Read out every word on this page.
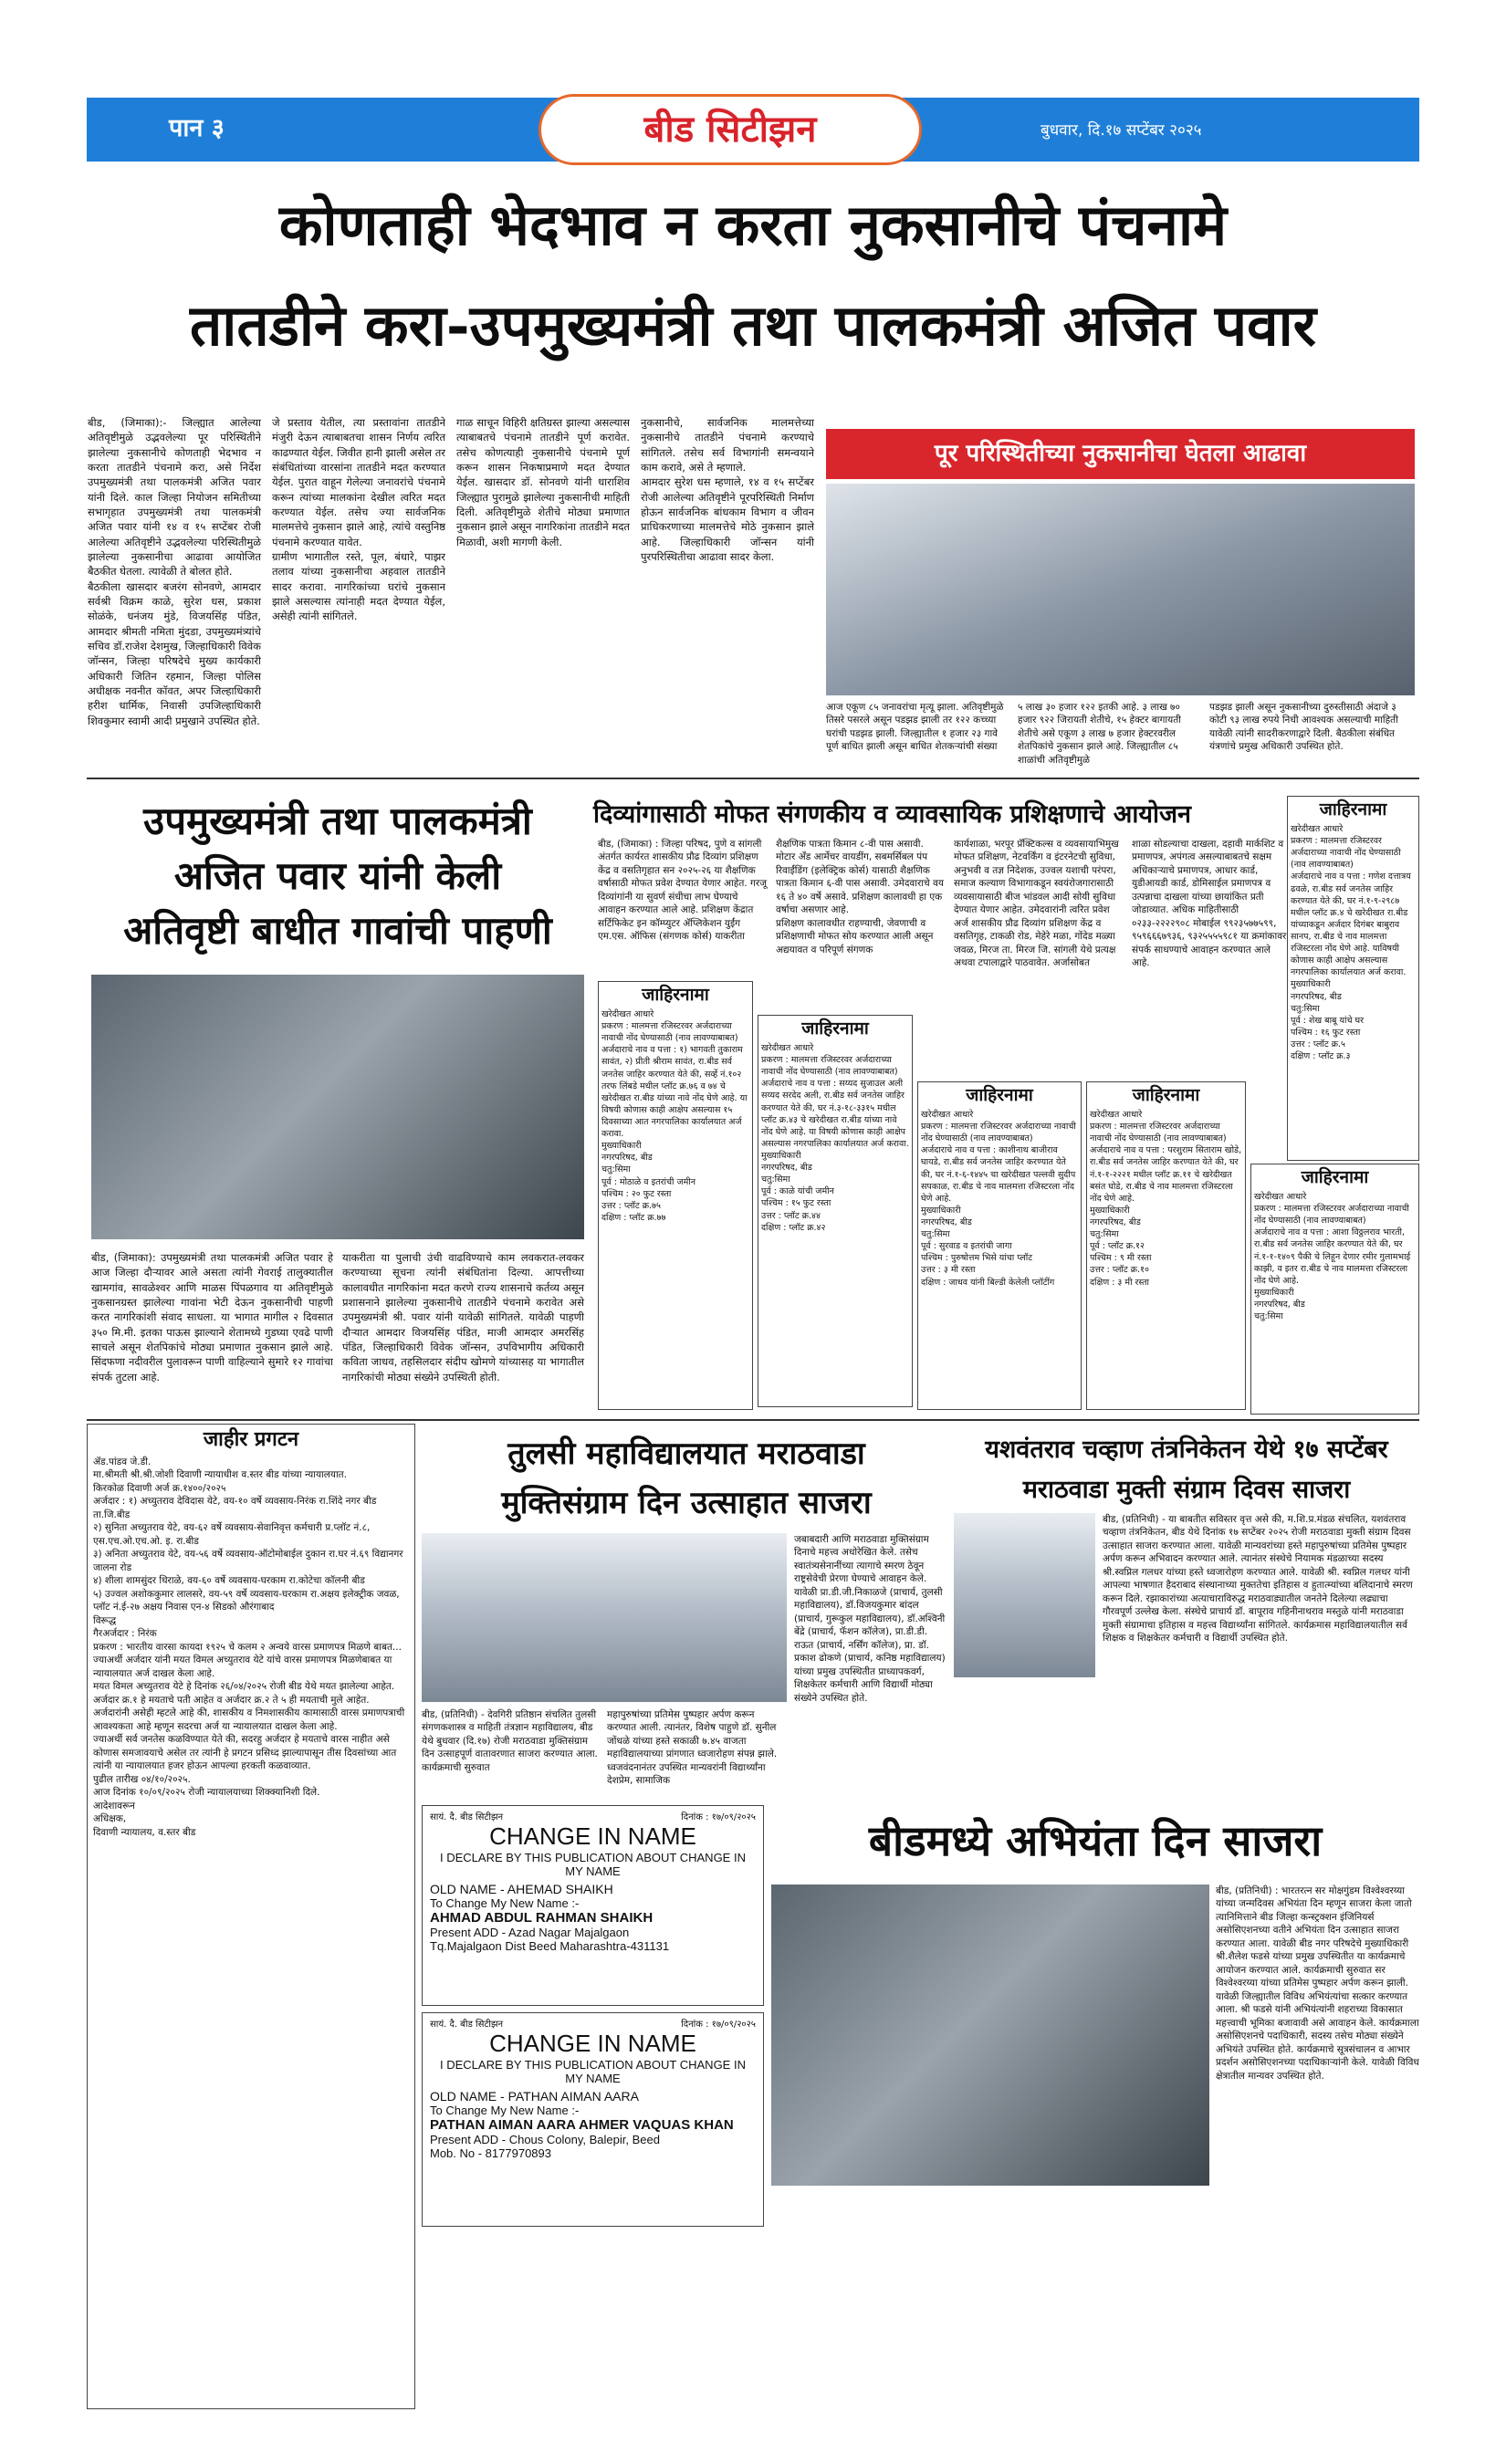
पान ३	बीड सिटीझन	बुधवार, दि.१७ सप्टेंबर २०२५
कोणताही भेदभाव न करता नुकसानीचे पंचनामे
तातडीने करा-उपमुख्यमंत्री तथा पालकमंत्री अजित पवार
बीड, (जिमाका):- जिल्ह्यात आलेल्या अतिवृष्टीमुळे उद्भवलेल्या पूर परिस्थितीने झालेल्या नुकसानीचे कोणताही भेदभाव न करता तातडीने पंचनामे करा, असे निर्देश उपमुख्यमंत्री तथा पालकमंत्री अजित पवार यांनी दिले. काल जिल्हा नियोजन समितीच्या सभागृहात उपमुख्यमंत्री तथा पालकमंत्री अजित पवार यांनी १४ व १५ सप्टेंबर रोजी आलेल्या अतिवृष्टीने उद्भवलेल्या परिस्थितीमुळे झालेल्या नुकसानीचा आढावा आयोजित बैठकीत घेतला. त्यावेळी ते बोलत होते.
बैठकीला खासदार बजरंग सोनवणे, आमदार सर्वश्री विक्रम काळे, सुरेश धस, प्रकाश सोळंके, धनंजय मुंडे, विजयसिंह पंडित, आमदार श्रीमती नमिता मुंदडा, उपमुख्यमंत्र्यांचे सचिव डॉ.राजेश देशमुख, जिल्हाधिकारी विवेक जॉन्सन, जिल्हा परिषदेचे मुख्य कार्यकारी अधिकारी जितिन रहमान, जिल्हा पोलिस अधीक्षक नवनीत कॉवत, अपर जिल्हाधिकारी हरीश धार्मिक, निवासी उपजिल्हाधिकारी शिवकुमार स्वामी आदी प्रमुखाने उपस्थित होते.
जे प्रस्ताव येतील, त्या प्रस्तावांना तातडीने मंजुरी देऊन त्याबाबतचा शासन निर्णय त्वरित काढण्यात येईल. जिवीत हानी झाली असेल तर संबंधितांच्या वारसांना तातडीने मदत करण्यात येईल. पुरात वाहून गेलेल्या जनावरांचे पंचनामे करून त्यांच्या मालकांना देखील त्वरित मदत करण्यात येईल. तसेच ज्या सार्वजनिक मालमत्तेचे नुकसान झाले आहे, त्यांचे वस्तुनिष्ठ पंचनामे करण्यात यावेत.
ग्रामीण भागातील रस्ते, पूल, बंधारे, पाझर तलाव यांच्या नुकसानीचा अहवाल तातडीने सादर करावा. नागरिकांच्या घरांचे नुकसान झाले असल्यास त्यांनाही मदत देण्यात येईल, असेही त्यांनी सांगितले.
गाळ साचून विहिरी क्षतिग्रस्त झाल्या असल्यास त्याबाबतचे पंचनामे तातडीने पूर्ण करावेत. तसेच कोणत्याही नुकसानीचे पंचनामे पूर्ण करून शासन निकषाप्रमाणे मदत देण्यात येईल. खासदार डॉ. सोनवणे यांनी धाराशिव जिल्ह्यात पुरामुळे झालेल्या नुकसानीची माहिती दिली. अतिवृष्टीमुळे शेतीचे मोठ्या प्रमाणात नुकसान झाले असून नागरिकांना तातडीने मदत मिळावी, अशी मागणी केली.
नुकसानीचे, सार्वजनिक मालमत्तेच्या नुकसानीचे तातडीने पंचनामे करण्याचे सांगितले. तसेच सर्व विभागांनी समन्वयाने काम करावे, असे ते म्हणाले.
आमदार सुरेश धस म्हणाले, १४ व १५ सप्टेंबर रोजी आलेल्या अतिवृष्टीने पूरपरिस्थिती निर्माण होऊन सार्वजनिक बांधकाम विभाग व जीवन प्राधिकरणाच्या मालमत्तेचे मोठे नुकसान झाले आहे. जिल्हाधिकारी जॉन्सन यांनी पुरपरिस्थितीचा आढावा सादर केला.
पूर परिस्थितीच्या नुकसानीचा घेतला आढावा
आज एकूण ८५ जनावरांचा मृत्यू झाला. अतिवृष्टीमुळे तिसरे पसरले असून पडझड झाली तर १२२ कच्च्या घरांची पडझड झाली. जिल्ह्यातील १ हजार २३ गावे पूर्ण बाधित झाली असून बाधित शेतकऱ्यांची संख्या
५ लाख ३० हजार १२२ इतकी आहे. ३ लाख ७० हजार ९२२ जिरायती शेतीचे, १५ हेक्टर बागायती शेतीचे असे एकूण ३ लाख ७ हजार हेक्टरवरील शेतपिकांचे नुकसान झाले आहे. जिल्ह्यातील ८५ शाळांची अतिवृष्टीमुळे
पडझड झाली असून नुकसानीच्या दुरुस्तीसाठी अंदाजे ३ कोटी ९३ लाख रुपये निधी आवश्यक असल्याची माहिती यावेळी त्यांनी सादरीकरणाद्वारे दिली. बैठकीला संबंधित यंत्रणांचे प्रमुख अधिकारी उपस्थित होते.
उपमुख्यमंत्री तथा पालकमंत्री
अजित पवार यांनी केली
अतिवृष्टी बाधीत गावांची पाहणी
बीड, (जिमाका): उपमुख्यमंत्री तथा पालकमंत्री अजित पवार हे आज जिल्हा दौऱ्यावर आले असता त्यांनी गेवराई तालुक्यातील खामगांव, सावळेश्वर आणि माळस पिंपळगाव या अतिवृष्टीमुळे नुकसानग्रस्त झालेल्या गावांना भेटी देऊन नुकसानीची पाहणी करत नागरिकांशी संवाद साधला. या भागात मागील २ दिवसात ३५० मि.मी. इतका पाऊस झाल्याने शेतामध्ये गुडघ्या एवढे पाणी साचले असून शेतपिकांचे मोठ्या प्रमाणात नुकसान झाले आहे. सिंदफणा नदीवरील पुलावरून पाणी वाहिल्याने सुमारे १२ गावांचा संपर्क तुटला आहे.
याकरीता या पुलाची उंची वाढविण्याचे काम लवकरात-लवकर करण्याच्या सूचना त्यांनी संबंधितांना दिल्या. आपत्तीच्या कालावधीत नागरिकांना मदत करणे राज्य शासनाचे कर्तव्य असून प्रशासनाने झालेल्या नुकसानीचे तातडीने पंचनामे करावेत असे उपमुख्यमंत्री श्री. पवार यांनी यावेळी सांगितले. यावेळी पाहणी दौऱ्यात आमदार विजयसिंह पंडित, माजी आमदार अमरसिंह पंडित, जिल्हाधिकारी विवेक जॉन्सन, उपविभागीय अधिकारी कविता जाधव, तहसिलदार संदीप खोमणे यांच्यासह या भागातील नागरिकांची मोठ्या संख्येने उपस्थिती होती.
दिव्यांगासाठी मोफत संगणकीय व व्यावसायिक प्रशिक्षणाचे आयोजन
बीड, (जिमाका) : जिल्हा परिषद, पुणे व सांगली अंतर्गत कार्यरत शासकीय प्रौढ दिव्यांग प्रशिक्षण केंद्र व वसतिगृहात सन २०२५-२६ या शैक्षणिक वर्षासाठी मोफत प्रवेश देण्यात येणार आहेत. गरजू दिव्यांगांनी या सुवर्ण संधीचा लाभ घेण्याचे आवाहन करण्यात आले आहे. प्रशिक्षण केंद्रात सर्टिफिकेट इन कॉम्प्युटर ॲप्लिकेशन युईंग एम.एस. ऑफिस (संगणक कोर्स) याकरीता
शैक्षणिक पात्रता किमान ८-वी पास असावी. मोटार अँड आर्मेचर वायडींग, सबमर्सिबल पंप रिवाईंडिंग (इलेक्ट्रिक कोर्स) यासाठी शैक्षणिक पात्रता किमान ६-वी पास असावी. उमेदवाराचे वय १६ ते ४० वर्षे असावे. प्रशिक्षण कालावधी हा एक वर्षाचा असणार आहे.
प्रशिक्षण कालावधीत राहण्याची, जेवणाची व प्रशिक्षणाची मोफत सोय करण्यात आली असून अद्ययावत व परिपूर्ण संगणक
कार्यशाळा, भरपूर प्रॅक्टिकल्स व व्यवसायाभिमुख मोफत प्रशिक्षण, नेटवर्किंग व इंटरनेटची सुविधा, अनुभवी व तज्ञ निदेशक, उज्वल यशाची परंपरा, समाज कल्याण विभागाकडून स्वयंरोजगारासाठी व्यवसायासाठी बीज भांडवल आदी सोयी सुविधा देण्यात येणार आहेत. उमेदवारांनी त्वरित प्रवेश अर्ज शासकीय प्रौढ दिव्यांग प्रशिक्षण केंद्र व वसतिगृह, टाकळी रोड, मेहेरे मळा, गोंदेड मळ्या जवळ, मिरज ता. मिरज जि. सांगली येथे प्रत्यक्ष अथवा टपालाद्वारे पाठवावेत. अर्जासोबत
शाळा सोडल्याचा दाखला, दहावी मार्कशिट व प्रमाणपत्र, अपंगत्व असल्याबाबतचे सक्षम अधिकाऱ्याचे प्रमाणपत्र, आधार कार्ड, युडीआयडी कार्ड, डोमिसाईल प्रमाणपत्र व उत्पन्नाचा दाखला यांच्या छायांकित प्रती जोडाव्यात. अधिक माहितीसाठी ०२३३-२२२२९०८ मोबाईल ९९२३५७७५९९, ९५९६६६७९३६, ९३२५५५५९८१ या क्रमांकावर संपर्क साधण्याचे आवाहन करण्यात आले आहे.
जाहिरनामा
खरेदीखत आधारे
प्रकरण : मालमत्ता रजिस्टरवर अर्जदाराच्या नावाची नोंद घेण्यासाठी (नाव लावण्याबाबत)
अर्जदाराचे नाव व पत्ता : गणेश दत्तात्रय ढवळे, रा.बीड सर्व जनतेस जाहिर करण्यात येते की, घर नं.१-९-२९८७ मधील प्लॉट क्र.४ चे खरेदीखत रा.बीड यांच्याकडून अर्जदार दिगंबर बाबुराव सानप, रा.बीड चे नाव मालमत्ता रजिस्टरला नोंद घेणे आहे. याविषयी कोणास काही आक्षेप असल्यास नगरपालिका कार्यालयात अर्ज करावा.
मुख्याधिकारी
नगरपरिषद, बीड
चतु:सिमा
पूर्व : शेख बाबू यांचे घर
पश्चिम : १६ फुट रस्ता
उत्तर : प्लॉट क्र.५
दक्षिण : प्लॉट क्र.३
जाहिरनामा
खरेदीखत आधारे
प्रकरण : मालमत्ता रजिस्टरवर अर्जदाराच्या नावाची नोंद घेण्यासाठी (नाव लावण्याबाबत)
अर्जदाराचे नाव व पत्ता : १) भागवती तुकाराम सावंत, २) प्रीती श्रीराम सावंत, रा.बीड सर्व जनतेस जाहिर करण्यात येते की, सर्व्हे नं.१०२ तरफ लिंबडे मधील प्लॉट क्र.७६ व ७४ चे खरेदीखत रा.बीड यांच्या नावे नोंद घेणे आहे. या विषयी कोणास काही आक्षेप असल्यास १५ दिवसाच्या आत नगरपालिका कार्यालयात अर्ज करावा.
मुख्याधिकारी
नगरपरिषद, बीड
चतु:सिमा
पूर्व : मोठाळे व इतरांची जमीन
पश्चिम : २० फुट रस्ता
उत्तर : प्लॉट क्र.७५
दक्षिण : प्लॉट क्र.७७
जाहिरनामा
खरेदीखत आधारे
प्रकरण : मालमत्ता रजिस्टरवर अर्जदाराच्या नावाची नोंद घेण्यासाठी (नाव लावण्याबाबत)
अर्जदाराचे नाव व पत्ता : सय्यद सुजाउल अली सय्यद सरदेद अली, रा.बीड सर्व जनतेस जाहिर करण्यात येते की, घर नं.३-१८-३३१५ मधील प्लॉट क्र.४३ चे खरेदीखत रा.बीड यांच्या नावे नोंद घेणे आहे. या विषयी कोणास काही आक्षेप असल्यास नगरपालिका कार्यालयात अर्ज करावा.
मुख्याधिकारी
नगरपरिषद, बीड
चतु:सिमा
पूर्व : काळे यांची जमीन
पश्चिम : १५ फुट रस्ता
उत्तर : प्लॉट क्र.४४
दक्षिण : प्लॉट क्र.४२
जाहिरनामा
खरेदीखत आधारे
प्रकरण : मालमत्ता रजिस्टरवर अर्जदाराच्या नावाची नोंद घेण्यासाठी (नाव लावण्याबाबत)
अर्जदाराचे नाव व पत्ता : काशीनाथ बाजीराव घायडे, रा.बीड सर्व जनतेस जाहिर करण्यात येते की, घर नं.१-६-१४४५ चा खरेदीखत पल्लवी सुदीप सपकाळ, रा.बीड चे नाव मालमत्ता रजिस्टरला नोंद घेणे आहे.
मुख्याधिकारी
नगरपरिषद, बीड
चतु:सिमा
पूर्व : सुरवाड व इतरांची जागा
पश्चिम : पुरुषोत्तम भिसे यांचा प्लॉट
उत्तर : ३ मी रस्ता
दक्षिण : जाधव यांनी बिल्डी केलेली प्लॉटींग
जाहिरनामा
खरेदीखत आधारे
प्रकरण : मालमत्ता रजिस्टरवर अर्जदाराच्या नावाची नोंद घेण्यासाठी (नाव लावण्याबाबत)
अर्जदाराचे नाव व पत्ता : परशुराम सिताराम खोडे, रा.बीड सर्व जनतेस जाहिर करण्यात येते की, घर नं.१-१-२२२१ मधील प्लॉट क्र.११ चे खरेदीखत बसंत घोडे, रा.बीड चे नाव मालमत्ता रजिस्टरला नोंद घेणे आहे.
मुख्याधिकारी
नगरपरिषद, बीड
चतु:सिमा
पूर्व : प्लॉट क्र.१२
पश्चिम : ९ मी रस्ता
उत्तर : प्लॉट क्र.१०
दक्षिण : ३ मी रस्ता
जाहिरनामा
खरेदीखत आधारे
प्रकरण : मालमत्ता रजिस्टरवर अर्जदाराच्या नावाची नोंद घेण्यासाठी (नाव लावण्याबाबत)
अर्जदाराचे नाव व पत्ता : आशा विठ्ठलराव भारती, रा.बीड सर्व जनतेस जाहिर करण्यात येते की, घर नं.१-१-१४०९ पैकी चे लिहून देणार रमीर गुलामभाई काझी, व इतर रा.बीड चे नाव मालमत्ता रजिस्टरला नोंद घेणे आहे.
मुख्याधिकारी
नगरपरिषद, बीड
चतु:सिमा
जाहीर प्रगटन
ॲड.पांडव जे.डी.
मा.श्रीमती श्री.श्री.जोशी दिवाणी न्यायाधीश व.स्तर बीड यांच्या न्यायालयात.
किरकोळ दिवाणी अर्ज क्र.१४००/२०२५
अर्जदार : १) अच्युतराव देविदास येटे, वय-१० वर्षे व्यवसाय-निरंक रा.शिंदे नगर बीड ता.जि.बीड
२) सुनिता अच्युतराव येटे, वय-६२ वर्षे व्यवसाय-सेवानिवृत्त कर्मचारी प्र.प्लॉट नं.८, एस.एच.ओ.एच.ओ. इ. रा.बीड
३) अनिता अच्युतराव येटे, वय-५६ वर्षे व्यवसाय-ऑटोमोबाईल दुकान रा.घर नं.६९ विद्यानगर जालना रोड
४) शीला शामसुंदर धिराळे, वय-६० वर्षे व्यवसाय-घरकाम रा.कोटेचा कॉलनी बीड
५) उज्वल अशोककुमार लालसरे, वय-५९ वर्षे व्यवसाय-घरकाम रा.अक्षय इलेक्ट्रीक जवळ, प्लॉट नं.ई-२७ अक्षय निवास एन-४ सिडको औरंगाबाद
विरूद्ध
गैरअर्जदार : निरंक
प्रकरण : भारतीय वारसा कायदा १९२५ चे कलम २ अन्वये वारस प्रमाणपत्र मिळणे बाबत...
ज्याअर्थी अर्जदार यांनी मयत विमल अच्युतराव येटे यांचे वारस प्रमाणपत्र मिळणेबाबत या न्यायालयात अर्ज दाखल केला आहे.
मयत विमल अच्युतराव येटे हे दिनांक २६/०४/२०२५ रोजी बीड येथे मयत झालेल्या आहेत. अर्जदार क्र.१ हे मयताचे पती आहेत व अर्जदार क्र.२ ते ५ ही मयताची मुले आहेत.
अर्जदारांनी असेही म्हटले आहे की, शासकीय व निमशासकीय कामासाठी वारस प्रमाणपत्राची आवश्यकता आहे म्हणून सदरचा अर्ज या न्यायालयात दाखल केला आहे.
ज्याअर्थी सर्व जनतेस कळविण्यात येते की, सदरहु अर्जदार हे मयताचे वारस नाहीत असे कोणास समजावयाचे असेल तर त्यांनी हे प्रगटन प्रसिध्द झाल्यापासून तीस दिवसांच्या आत त्यांनी या न्यायालयात हजर होऊन आपल्या हरकती कळवाव्यात.
पुढील तारीख ०४/१०/२०२५.
आज दिनांक १०/०९/२०२५ रोजी न्यायालयाच्या शिक्क्यानिशी दिले.
आदेशावरून
अधिक्षक,
दिवाणी न्यायालय, व.स्तर बीड
तुलसी महाविद्यालयात मराठवाडा
मुक्तिसंग्राम दिन उत्साहात साजरा
जबाबदारी आणि मराठवाडा मुक्तिसंग्राम दिनाचे महत्त्व अधोरेखित केले. तसेच स्वातंत्र्यसेनानींच्या त्यागाचे स्मरण ठेवून राष्ट्रसेवेची प्रेरणा घेण्याचे आवाहन केले.
यावेळी प्रा.डी.जी.निकाळजे (प्राचार्य, तुलसी महाविद्यालय), डॉ.विजयकुमार बांदल (प्राचार्य, गुरूकुल महाविद्यालय), डॉ.अश्विनी बेंद्रे (प्राचार्य, फॅशन कॉलेज), प्रा.डी.डी. राऊत (प्राचार्य, नर्सिंग कॉलेज), प्रा. डॉ. प्रकाश ढोकणे (प्राचार्य, कनिष्ठ महाविद्यालय) यांच्या प्रमुख उपस्थितीत प्राध्यापकवर्ग, शिक्षकेतर कर्मचारी आणि विद्यार्थी मोठ्या संख्येने उपस्थित होते.
बीड, (प्रतिनिधी) - देवगिरी प्रतिष्ठान संचलित तुलसी संगणकशास्त्र व माहिती तंत्रज्ञान महाविद्यालय, बीड येथे बुधवार (दि.१७) रोजी मराठवाडा मुक्तिसंग्राम दिन उत्साहपूर्ण वातावरणात साजरा करण्यात आला. कार्यक्रमाची सुरुवात
महापुरुषांच्या प्रतिमेस पुष्पहार अर्पण करून करण्यात आली. त्यानंतर, विशेष पाहुणे डॉ. सुनील जोंधळे यांच्या हस्ते सकाळी ७.४५ वाजता महाविद्यालयाच्या प्रांगणात ध्वजारोहण संपन्न झाले. ध्वजवंदनानंतर उपस्थित मान्यवरांनी विद्यार्थ्यांना देशप्रेम, सामाजिक
सायं. दै. बीड सिटीझन	दिनांक : १७/०९/२०२५
CHANGE IN NAME
I DECLARE BY THIS PUBLICATION ABOUT CHANGE IN MY NAME
OLD NAME - AHEMAD SHAIKH
To Change My New Name :-
AHMAD ABDUL RAHMAN SHAIKH
Present ADD - Azad Nagar Majalgaon
Tq.Majalgaon Dist Beed Maharashtra-431131
सायं. दै. बीड सिटीझन	दिनांक : १७/०९/२०२५
CHANGE IN NAME
I DECLARE BY THIS PUBLICATION ABOUT CHANGE IN MY NAME
OLD NAME - PATHAN AIMAN AARA
To Change My New Name :-
PATHAN AIMAN AARA AHMER VAQUAS KHAN
Present ADD - Chous Colony, Balepir, Beed
Mob. No - 8177970893
यशवंतराव चव्हाण तंत्रनिकेतन येथे १७ सप्टेंबर
मराठवाडा मुक्ती संग्राम दिवस साजरा
बीड, (प्रतिनिधी) - या बाबतीत सविस्तर वृत्त असे की, म.शि.प्र.मंडळ संचलित, यशवंतराव चव्हाण तंत्रनिकेतन, बीड येथे दिनांक १७ सप्टेंबर २०२५ रोजी मराठवाडा मुक्ती संग्राम दिवस उत्साहात साजरा करण्यात आला. यावेळी मान्यवरांच्या हस्ते महापुरुषांच्या प्रतिमेस पुष्पहार अर्पण करून अभिवादन करण्यात आले. त्यानंतर संस्थेचे नियामक मंडळाच्या सदस्य श्री.स्वप्निल गलधर यांच्या हस्ते ध्वजारोहण करण्यात आले. यावेळी श्री. स्वप्निल गलधर यांनी आपल्या भाषणात हैदराबाद संस्थानाच्या मुक्ततेचा इतिहास व हुतात्म्यांच्या बलिदानाचे स्मरण करून दिले. रझाकारांच्या अत्याचाराविरुद्ध मराठवाड्यातील जनतेने दिलेल्या लढ्याचा गौरवपूर्ण उल्लेख केला. संस्थेचे प्राचार्य डॉ. बापूराव गहिनीनाथराव मस्तुळे यांनी मराठवाडा मुक्ती संग्रामाचा इतिहास व महत्त्व विद्यार्थ्यांना सांगितले. कार्यक्रमास महाविद्यालयातील सर्व शिक्षक व शिक्षकेतर कर्मचारी व विद्यार्थी उपस्थित होते.
बीडमध्ये अभियंता दिन साजरा
बीड, (प्रतिनिधी) : भारतरत्न सर मोक्षगुंडम विश्वेश्वरय्या यांच्या जन्मदिवस अभियंता दिन म्हणून साजरा केला जातो त्यानिमित्ताने बीड जिल्हा कन्स्ट्रक्शन इंजिनियर्स असोसिएशनच्या वतीने अभियंता दिन उत्साहात साजरा करण्यात आला. यावेळी बीड नगर परिषदेचे मुख्याधिकारी श्री.शैलेश फडसे यांच्या प्रमुख उपस्थितीत या कार्यक्रमाचे आयोजन करण्यात आले. कार्यक्रमाची सुरुवात सर विश्वेश्वरय्या यांच्या प्रतिमेस पुष्पहार अर्पण करून झाली. यावेळी जिल्ह्यातील विविध अभियंत्यांचा सत्कार करण्यात आला. श्री फडसे यांनी अभियंत्यांनी शहराच्या विकासात महत्त्वाची भूमिका बजावावी असे आवाहन केले. कार्यक्रमाला असोसिएशनचे पदाधिकारी, सदस्य तसेच मोठ्या संख्येने अभियंते उपस्थित होते. कार्यक्रमाचे सूत्रसंचालन व आभार प्रदर्शन असोसिएशनच्या पदाधिकाऱ्यांनी केले. यावेळी विविध क्षेत्रातील मान्यवर उपस्थित होते.
